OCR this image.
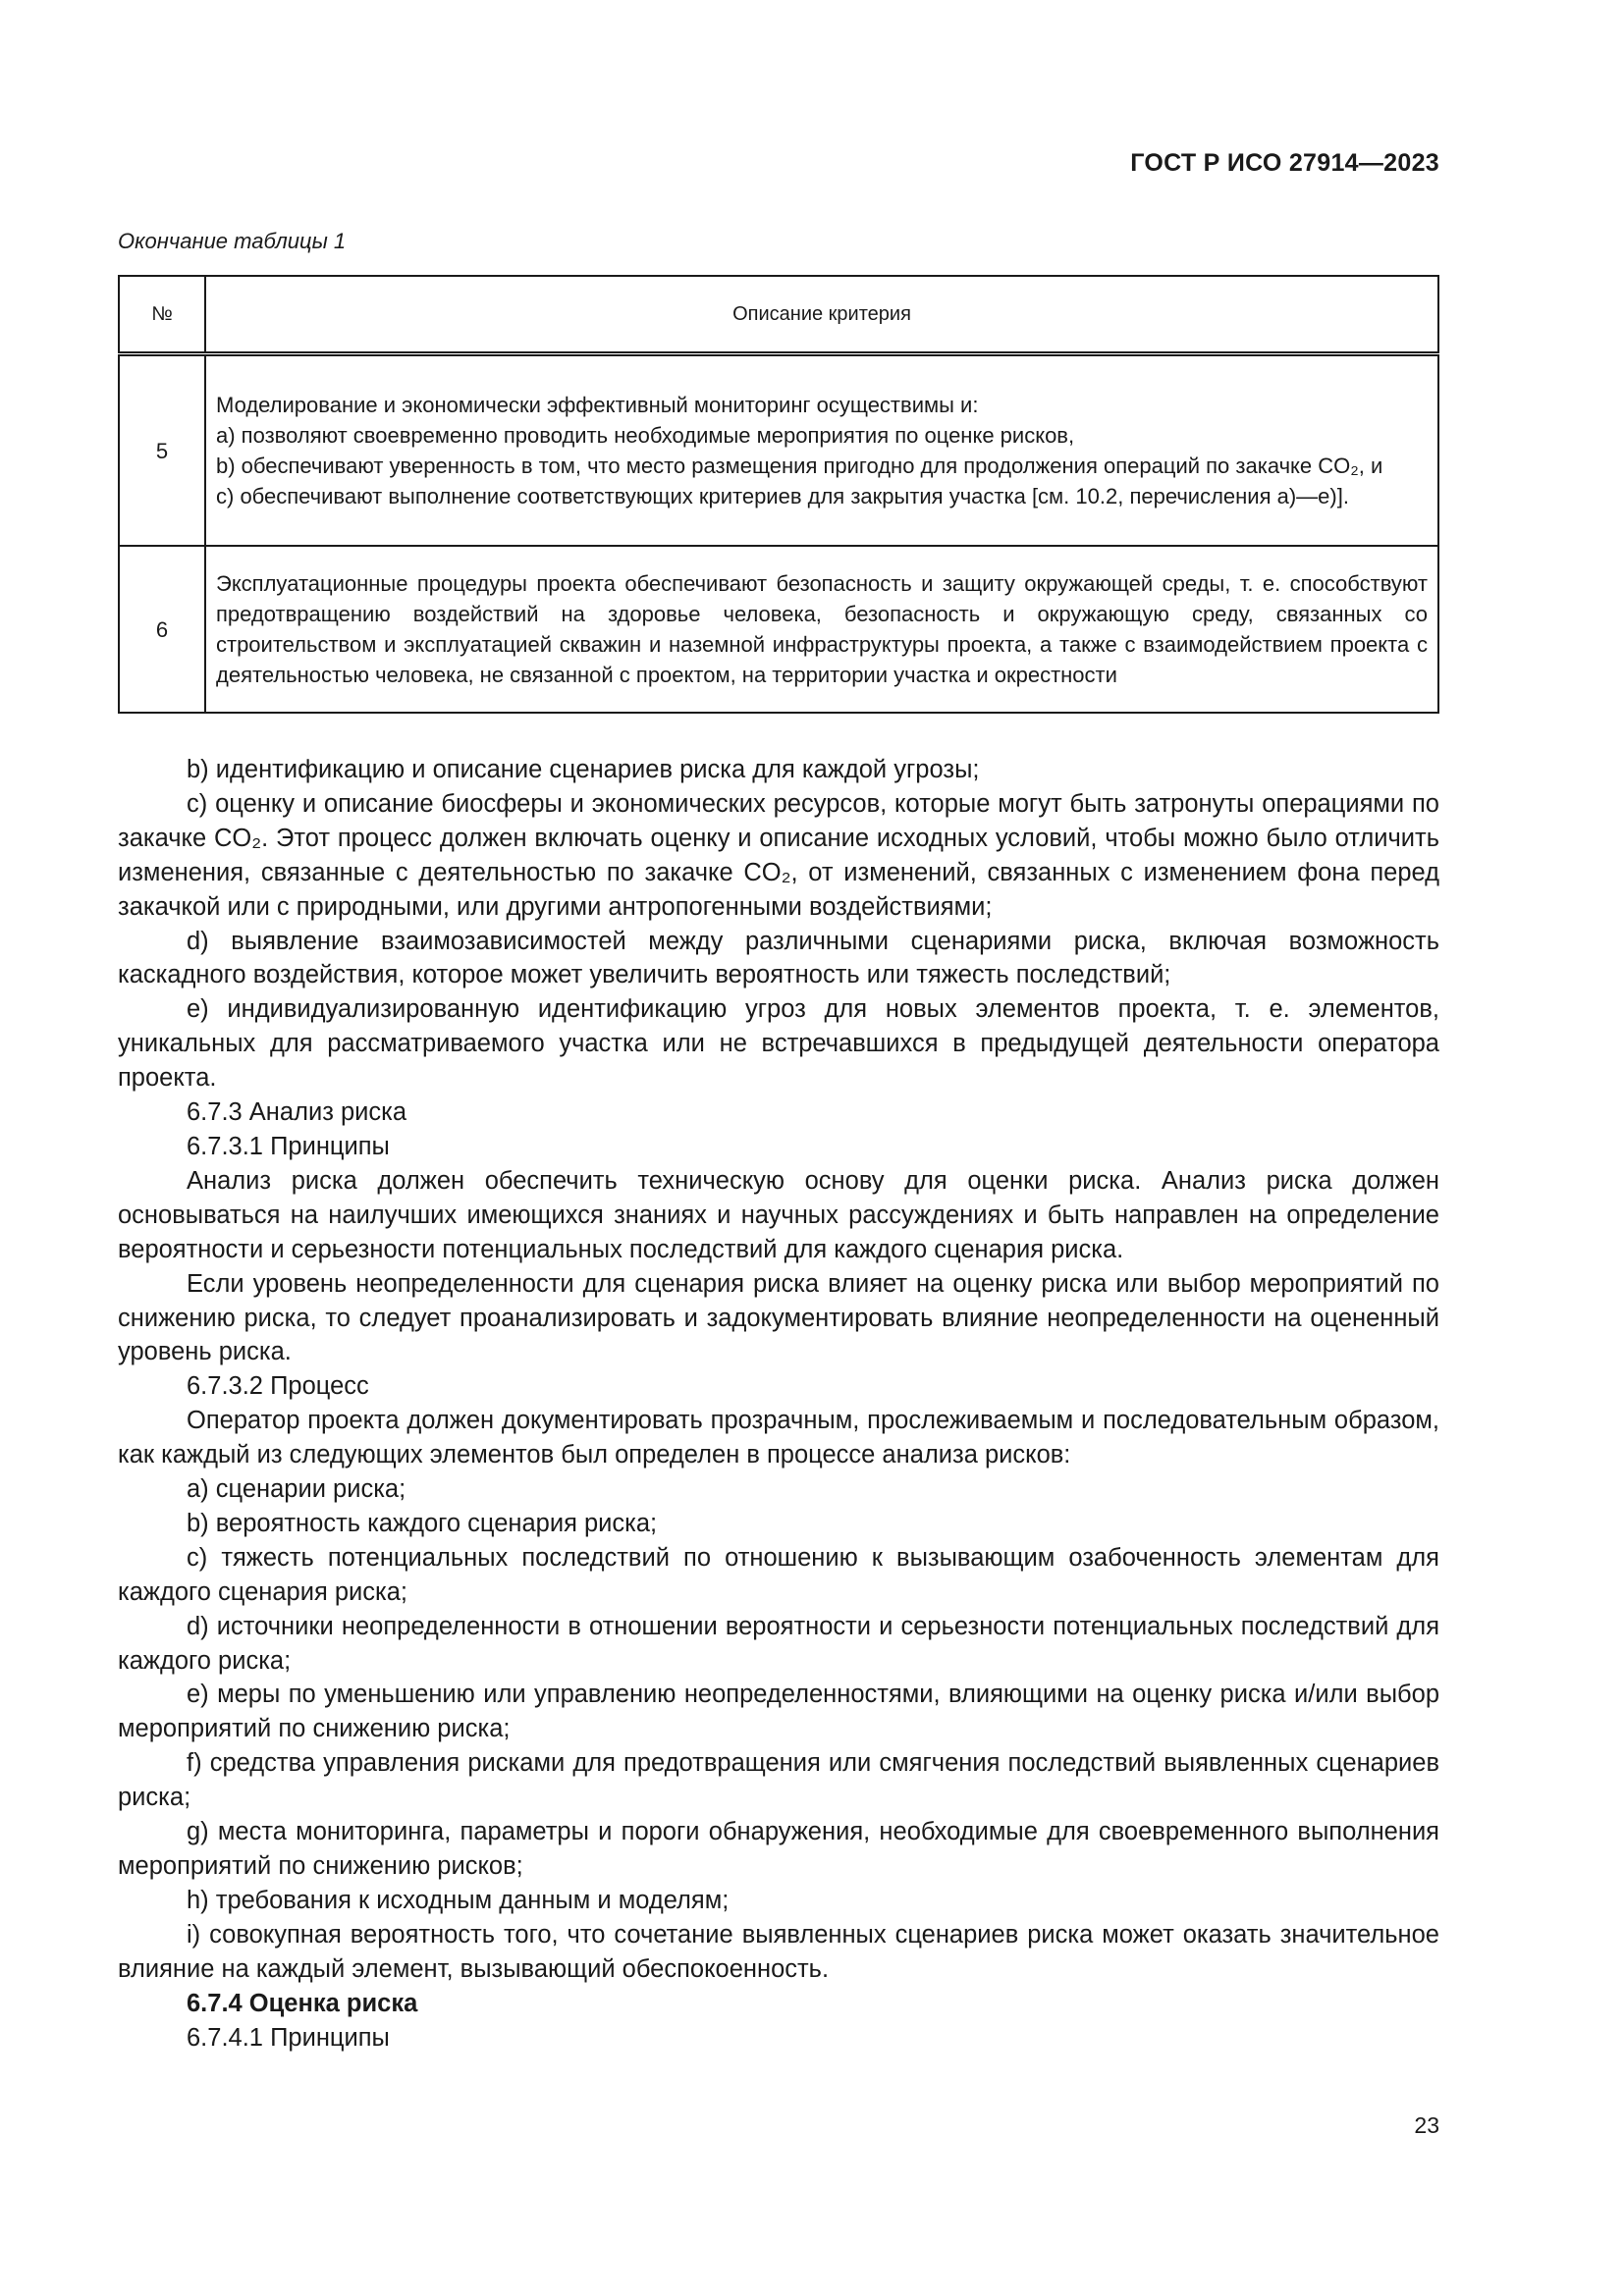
ГОСТ Р ИСО 27914—2023
Окончание таблицы 1
№	Описание критерия
5	Моделирование и экономически эффективный мониторинг осуществимы и:
a) позволяют своевременно проводить необходимые мероприятия по оценке рисков,
b) обеспечивают уверенность в том, что место размещения пригодно для продолжения операций по закачке CO₂, и
c) обеспечивают выполнение соответствующих критериев для закрытия участка [см. 10.2, перечисления a)—e)].

6	Эксплуатационные процедуры проекта обеспечивают безопасность и защиту окружающей среды, т. е. способствуют предотвращению воздействий на здоровье человека, безопасность и окружающую среду, связанных со строительством и эксплуатацией скважин и наземной инфраструктуры проекта, а также с взаимодействием проекта с деятельностью человека, не связанной с проектом, на территории участка и окрестности

b) идентификацию и описание сценариев риска для каждой угрозы;

c) оценку и описание биосферы и экономических ресурсов, которые могут быть затронуты операциями по закачке CO₂. Этот процесс должен включать оценку и описание исходных условий, чтобы можно было отличить изменения, связанные с деятельностью по закачке CO₂, от изменений, связанных с изменением фона перед закачкой или с природными, или другими антропогенными воздействиями;

d) выявление взаимозависимостей между различными сценариями риска, включая возможность каскадного воздействия, которое может увеличить вероятность или тяжесть последствий;

e) индивидуализированную идентификацию угроз для новых элементов проекта, т. е. элементов, уникальных для рассматриваемого участка или не встречавшихся в предыдущей деятельности оператора проекта.

6.7.3 Анализ риска

6.7.3.1 Принципы

Анализ риска должен обеспечить техническую основу для оценки риска. Анализ риска должен основываться на наилучших имеющихся знаниях и научных рассуждениях и быть направлен на определение вероятности и серьезности потенциальных последствий для каждого сценария риска.

Если уровень неопределенности для сценария риска влияет на оценку риска или выбор мероприятий по снижению риска, то следует проанализировать и задокументировать влияние неопределенности на оцененный уровень риска.

6.7.3.2 Процесс

Оператор проекта должен документировать прозрачным, прослеживаемым и последовательным образом, как каждый из следующих элементов был определен в процессе анализа рисков:

a) сценарии риска;

b) вероятность каждого сценария риска;

c) тяжесть потенциальных последствий по отношению к вызывающим озабоченность элементам для каждого сценария риска;

d) источники неопределенности в отношении вероятности и серьезности потенциальных последствий для каждого риска;

e) меры по уменьшению или управлению неопределенностями, влияющими на оценку риска и/или выбор мероприятий по снижению риска;

f) средства управления рисками для предотвращения или смягчения последствий выявленных сценариев риска;

g) места мониторинга, параметры и пороги обнаружения, необходимые для своевременного выполнения мероприятий по снижению рисков;

h) требования к исходным данным и моделям;

i) совокупная вероятность того, что сочетание выявленных сценариев риска может оказать значительное влияние на каждый элемент, вызывающий обеспокоенность.

6.7.4 Оценка риска

6.7.4.1 Принципы

23
